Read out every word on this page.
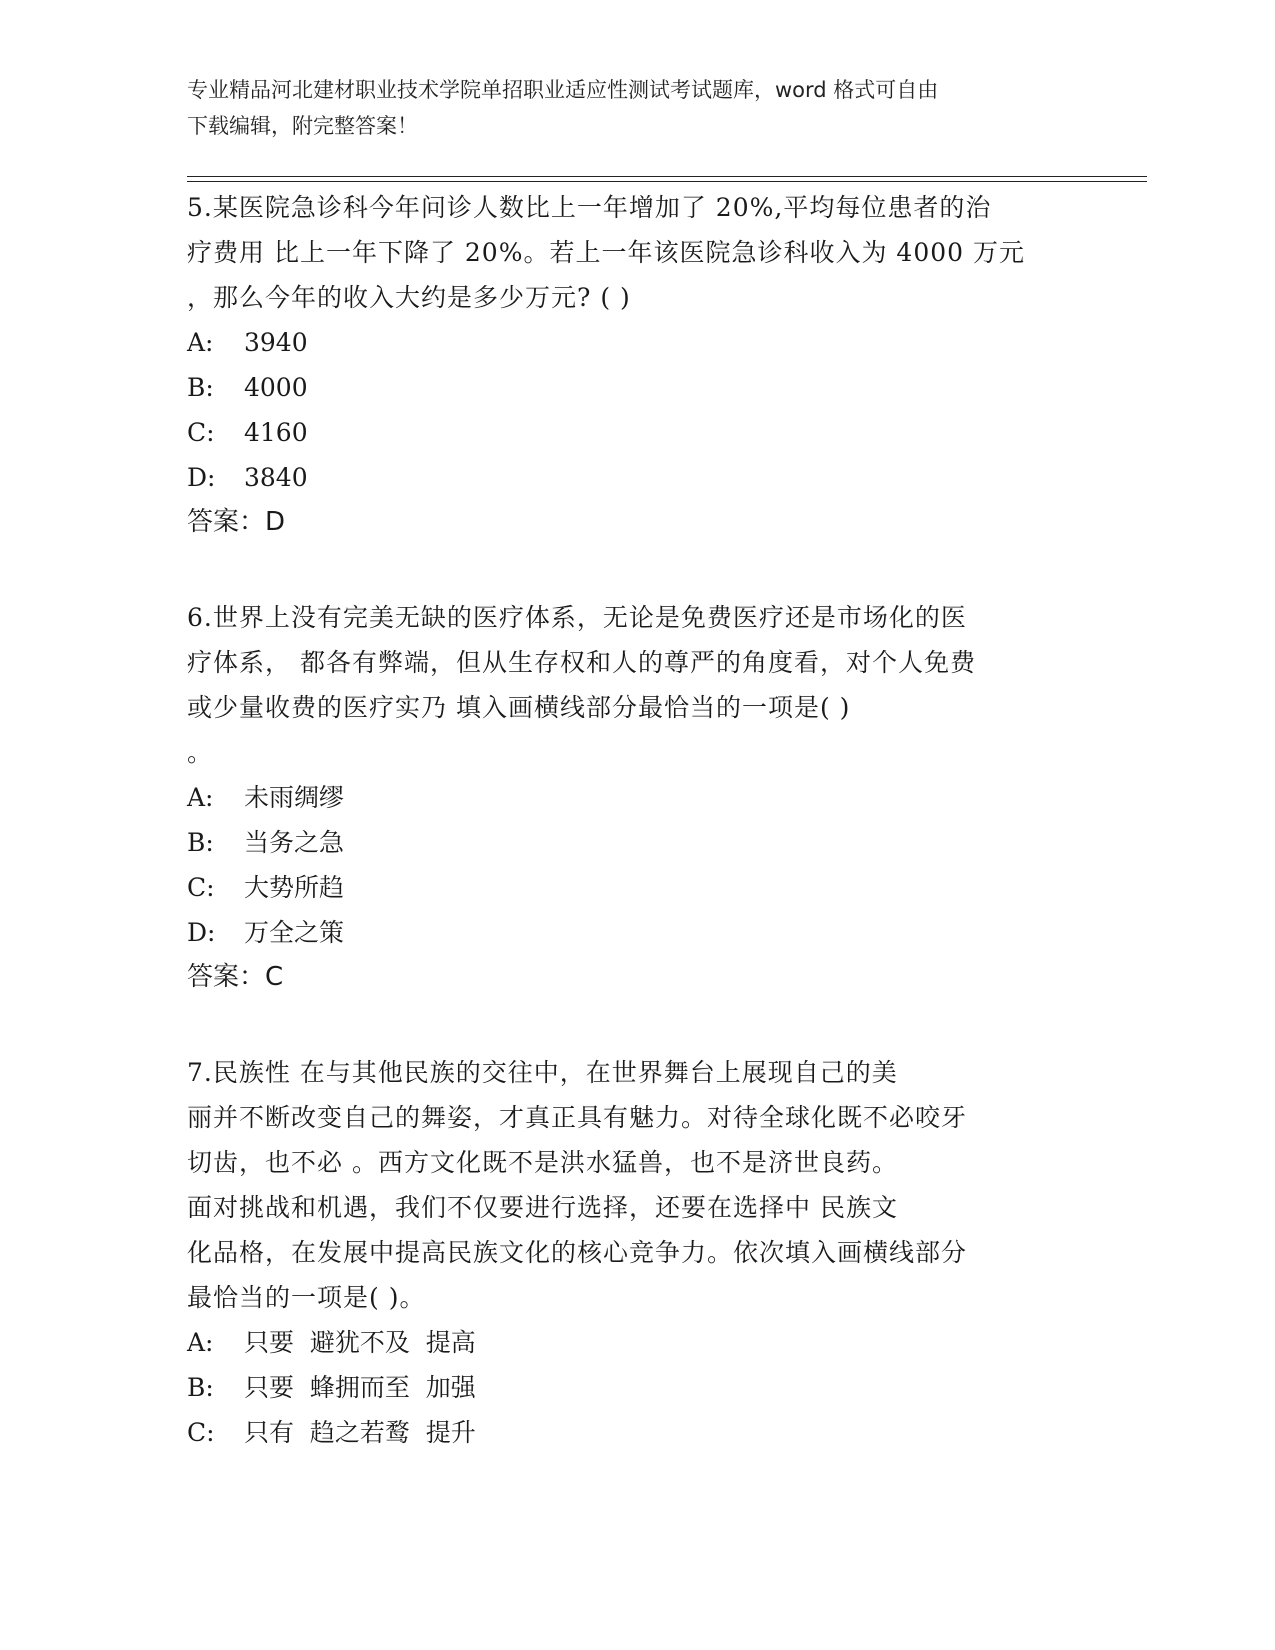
专业精品河北建材职业技术学院单招职业适应性测试考试题库，word 格式可自由
下载编辑，附完整答案！

5.某医院急诊科今年问诊人数比上一年增加了 20%,平均每位患者的治

疗费用 比上一年下降了 20%。若上一年该医院急诊科收入为 4000 万元

，那么今年的收入大约是多少万元? ( )

A: 3940

B: 4000

C: 4160

D: 3840

答案：D

6.世界上没有完美无缺的医疗体系，无论是免费医疗还是市场化的医

疗体系， 都各有弊端，但从生存权和人的尊严的角度看，对个人免费

或少量收费的医疗实乃 填入画横线部分最恰当的一项是( )

。

A: 未雨绸缪

B: 当务之急

C: 大势所趋

D: 万全之策

答案：C

7.民族性 在与其他民族的交往中，在世界舞台上展现自己的美

丽并不断改变自己的舞姿，才真正具有魅力。对待全球化既不必咬牙

切齿，也不必 。西方文化既不是洪水猛兽，也不是济世良药。

面对挑战和机遇，我们不仅要进行选择，还要在选择中 民族文

化品格，在发展中提高民族文化的核心竞争力。依次填入画横线部分

最恰当的一项是( )。

A: 只要  避犹不及  提高

B: 只要  蜂拥而至  加强

C: 只有  趋之若鹜  提升
